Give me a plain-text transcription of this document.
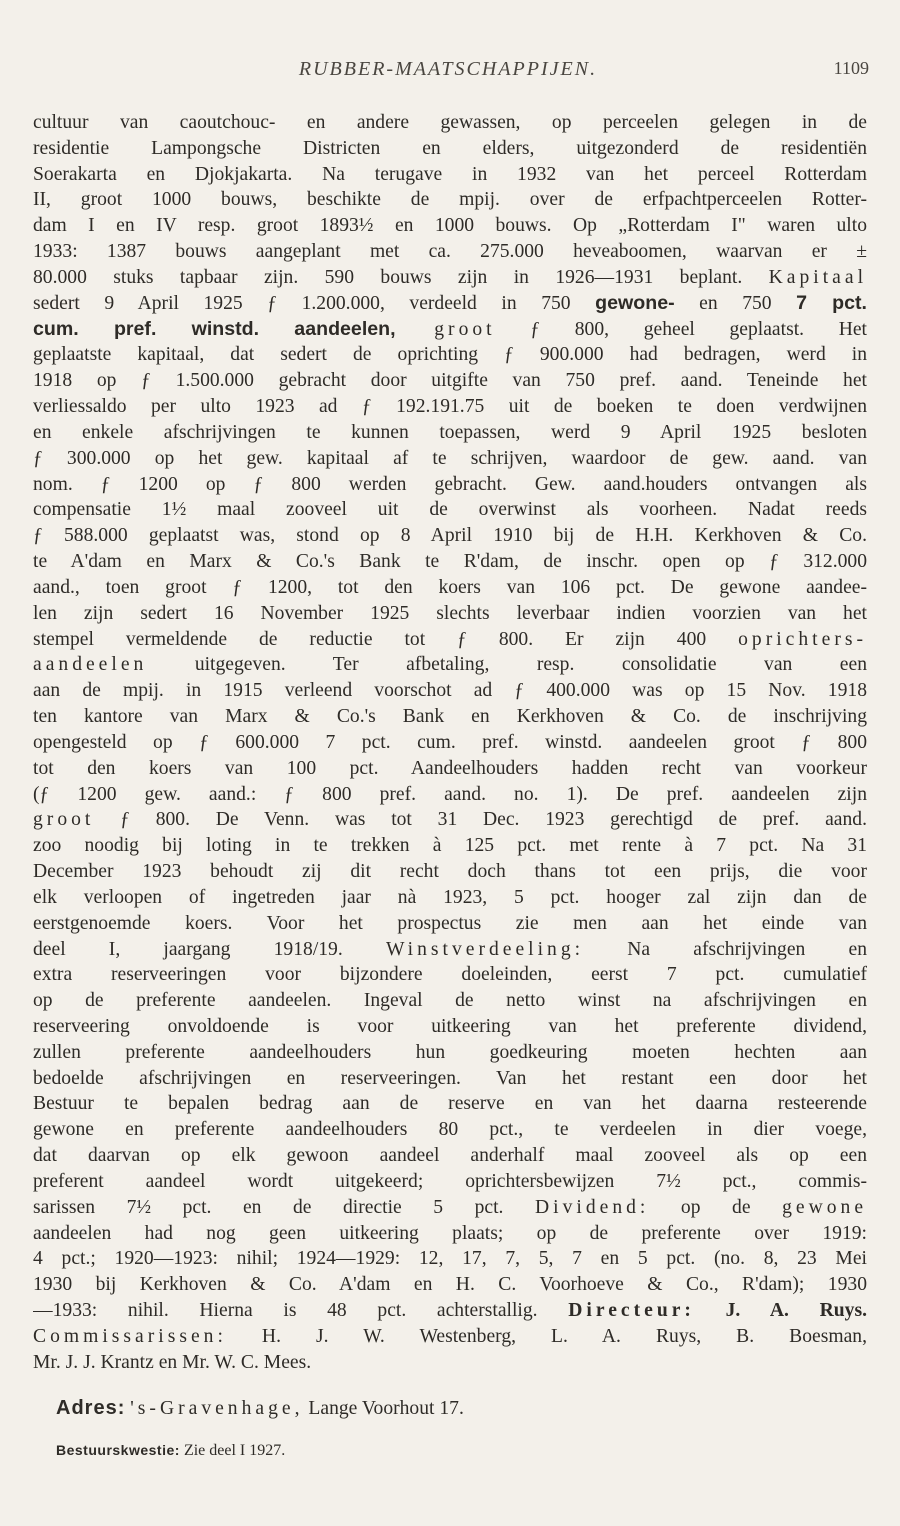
RUBBER-MAATSCHAPPIJEN.	1109
cultuur van caoutchouc- en andere gewassen, op perceelen gelegen in de
residentie Lampongsche Districten en elders, uitgezonderd de residentiën
Soerakarta en Djokjakarta. Na terugave in 1932 van het perceel Rotterdam
II, groot 1000 bouws, beschikte de mpij. over de erfpachtperceelen Rotter-
dam I en IV resp. groot 1893½ en 1000 bouws. Op „Rotterdam I" waren ulto
1933: 1387 bouws aangeplant met ca. 275.000 heveaboomen, waarvan er ±
80.000 stuks tapbaar zijn. 590 bouws zijn in 1926—1931 beplant. Kapitaal
sedert 9 April 1925 ƒ 1.200.000, verdeeld in 750 gewone- en 750 7 pct.
cum. pref. winstd. aandeelen, groot ƒ 800, geheel geplaatst. Het
geplaatste kapitaal, dat sedert de oprichting ƒ 900.000 had bedragen, werd in
1918 op ƒ 1.500.000 gebracht door uitgifte van 750 pref. aand. Teneinde het
verliessaldo per ulto 1923 ad ƒ 192.191.75 uit de boeken te doen verdwijnen
en enkele afschrijvingen te kunnen toepassen, werd 9 April 1925 besloten
ƒ 300.000 op het gew. kapitaal af te schrijven, waardoor de gew. aand. van
nom. ƒ 1200 op ƒ 800 werden gebracht. Gew. aand.houders ontvangen als
compensatie 1½ maal zooveel uit de overwinst als voorheen. Nadat reeds
ƒ 588.000 geplaatst was, stond op 8 April 1910 bij de H.H. Kerkhoven & Co.
te A'dam en Marx & Co.'s Bank te R'dam, de inschr. open op ƒ 312.000
aand., toen groot ƒ 1200, tot den koers van 106 pct. De gewone aandee-
len zijn sedert 16 November 1925 slechts leverbaar indien voorzien van het
stempel vermeldende de reductie tot ƒ 800. Er zijn 400 oprichters-
aandeelen uitgegeven. Ter afbetaling, resp. consolidatie van een
aan de mpij. in 1915 verleend voorschot ad ƒ 400.000 was op 15 Nov. 1918
ten kantore van Marx & Co.'s Bank en Kerkhoven & Co. de inschrijving
opengesteld op ƒ 600.000 7 pct. cum. pref. winstd. aandeelen groot ƒ 800
tot den koers van 100 pct. Aandeelhouders hadden recht van voorkeur
(ƒ 1200 gew. aand.: ƒ 800 pref. aand. no. 1). De pref. aandeelen zijn
groot ƒ 800. De Venn. was tot 31 Dec. 1923 gerechtigd de pref. aand.
zoo noodig bij loting in te trekken à 125 pct. met rente à 7 pct. Na 31
December 1923 behoudt zij dit recht doch thans tot een prijs, die voor
elk verloopen of ingetreden jaar nà 1923, 5 pct. hooger zal zijn dan de
eerstgenoemde koers. Voor het prospectus zie men aan het einde van
deel I, jaargang 1918/19. Winstverdeeling: Na afschrijvingen en
extra reserveeringen voor bijzondere doeleinden, eerst 7 pct. cumulatief
op de preferente aandeelen. Ingeval de netto winst na afschrijvingen en
reserveering onvoldoende is voor uitkeering van het preferente dividend,
zullen preferente aandeelhouders hun goedkeuring moeten hechten aan
bedoelde afschrijvingen en reserveeringen. Van het restant een door het
Bestuur te bepalen bedrag aan de reserve en van het daarna resteerende
gewone en preferente aandeelhouders 80 pct., te verdeelen in dier voege,
dat daarvan op elk gewoon aandeel anderhalf maal zooveel als op een
preferent aandeel wordt uitgekeerd; oprichtersbewijzen 7½ pct., commis-
sarissen 7½ pct. en de directie 5 pct. Dividend: op de gewone
aandeelen had nog geen uitkeering plaats; op de preferente over 1919:
4 pct.; 1920—1923: nihil; 1924—1929: 12, 17, 7, 5, 7 en 5 pct. (no. 8, 23 Mei
1930 bij Kerkhoven & Co. A'dam en H. C. Voorhoeve & Co., R'dam); 1930
—1933: nihil. Hierna is 48 pct. achterstallig. Directeur: J. A. Ruys.
Commissarissen: H. J. W. Westenberg, L. A. Ruys, B. Boesman,
Mr. J. J. Krantz en Mr. W. C. Mees.
Adres: 's-Gravenhage, Lange Voorhout 17.
Bestuurskwestie: Zie deel I 1927.
